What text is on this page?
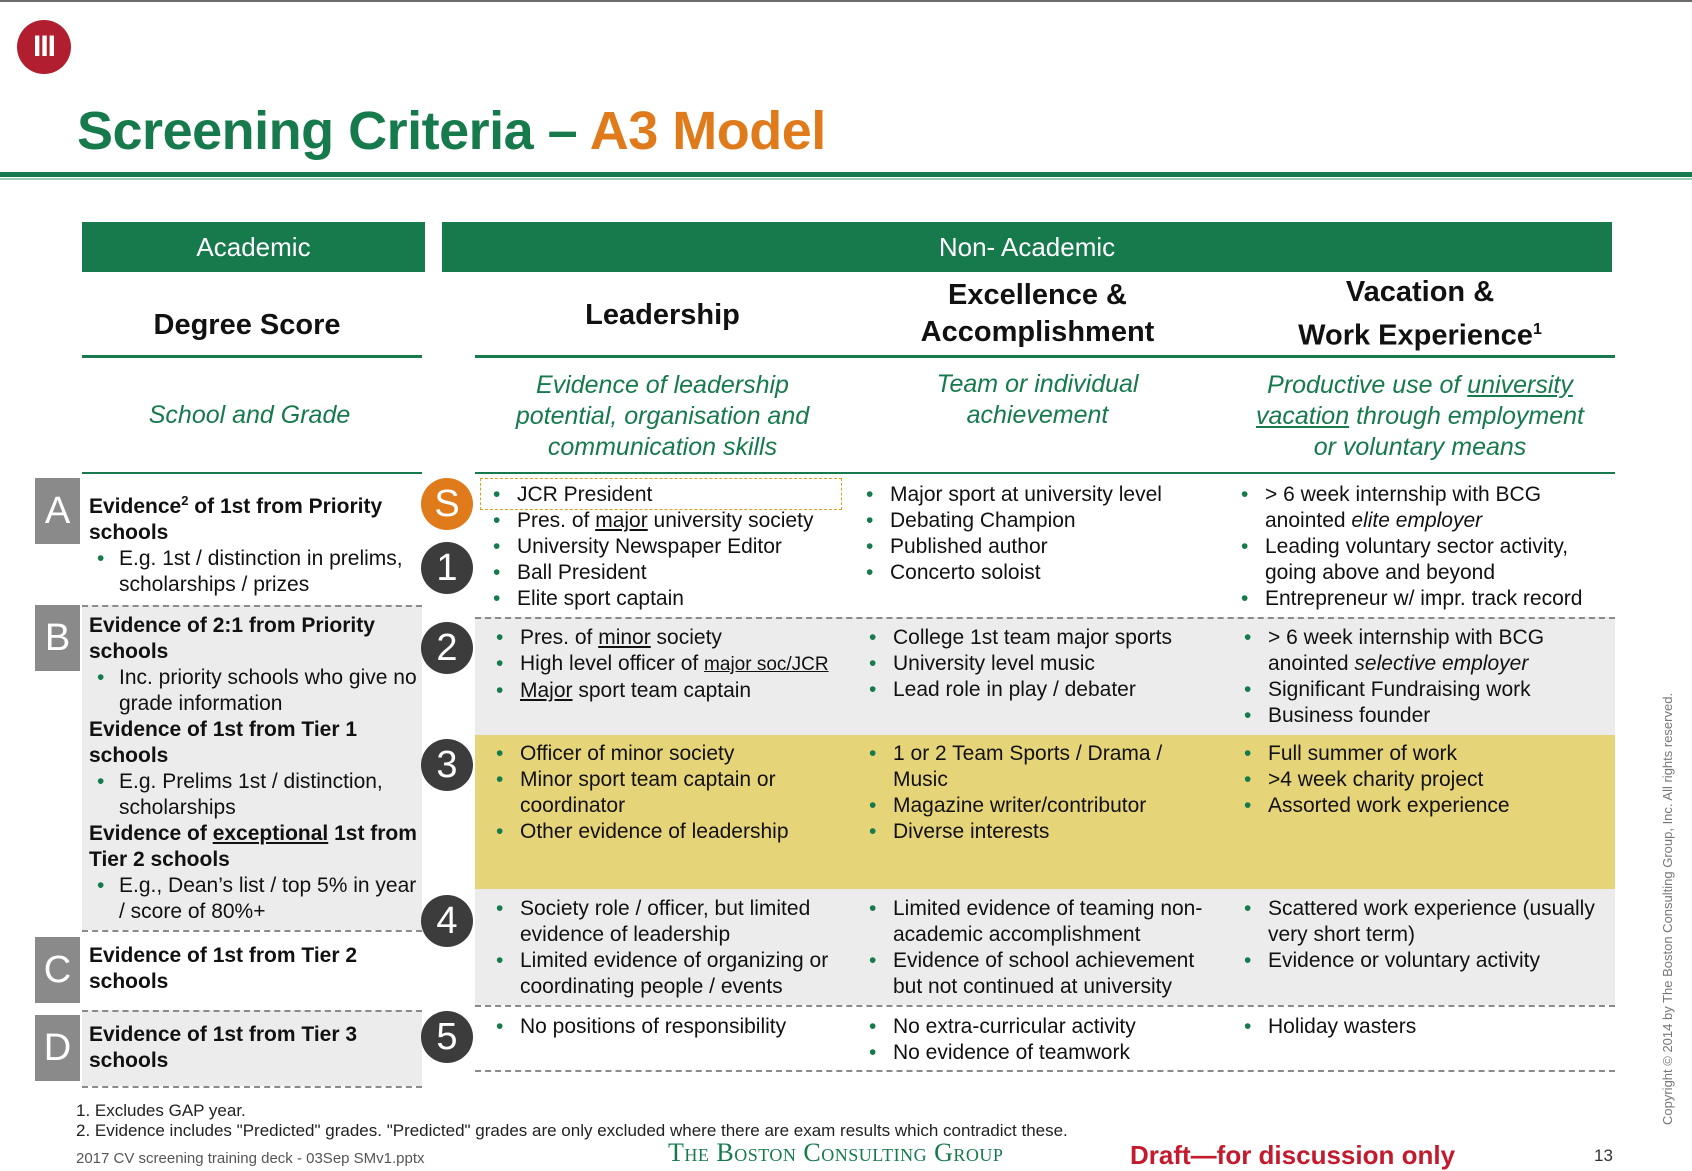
III
Screening Criteria – A3 Model
Academic	Non- Academic
Degree Score	Leadership
Excellence &
Accomplishment
Vacation &
Work Experience$^1$
School and Grade
Evidence of leadership potential, organisation and communication skills
Team or individual
achievement
Productive use of university
vacation through employment
or voluntary means
A
B
C
D
Evidence$^2$ of 1st from Priority schools
• E.g. 1st / distinction in prelims, scholarships / prizes
Evidence of 2:1 from Priority schools
• Inc. priority schools who give no grade information
Evidence of 1st from Tier 1 schools
• E.g. Prelims 1st / distinction, scholarships
Evidence of exceptional 1st from Tier 2 schools
• E.g., Dean’s list / top 5% in year / score of 80%+
Evidence of 1st from Tier 2 schools
Evidence of 1st from Tier 3 schools
S
1
2
3
4
5
• JCR President
• Pres. of major university society
• University Newspaper Editor
• Ball President
• Elite sport captain
• Major sport at university level
• Debating Champion
• Published author
• Concerto soloist
• > 6 week internship with BCG anointed elite employer
• Leading voluntary sector activity, going above and beyond
• Entrepreneur w/ impr. track record
• Pres. of minor society
• High level officer of major soc/JCR
• Major sport team captain
• College 1st team major sports
• University level music
• Lead role in play / debater
• > 6 week internship with BCG anointed selective employer
• Significant Fundraising work
• Business founder
• Officer of minor society
• Minor sport team captain or coordinator
• Other evidence of leadership
• 1 or 2 Team Sports / Drama / Music
• Magazine writer/contributor
• Diverse interests
• Full summer of work
• >4 week charity project
• Assorted work experience
• Society role / officer, but limited evidence of leadership
• Limited evidence of organizing or coordinating people / events
• Limited evidence of teaming non-academic accomplishment
• Evidence of school achievement but not continued at university
• Scattered work experience (usually very short term)
• Evidence or voluntary activity
• No positions of responsibility
•	No extra-curricular activity
• No evidence of teamwork
• Holiday wasters
1. Excludes GAP year.
2. Evidence includes "Predicted" grades. "Predicted" grades are only excluded where there are exam results which contradict these.
2017 CV screening training deck - 03Sep SMv1.pptx	The Boston Consulting Group	Draft—for discussion only	13
Copyright © 2014 by The Boston Consulting Group, Inc. All rights reserved.
